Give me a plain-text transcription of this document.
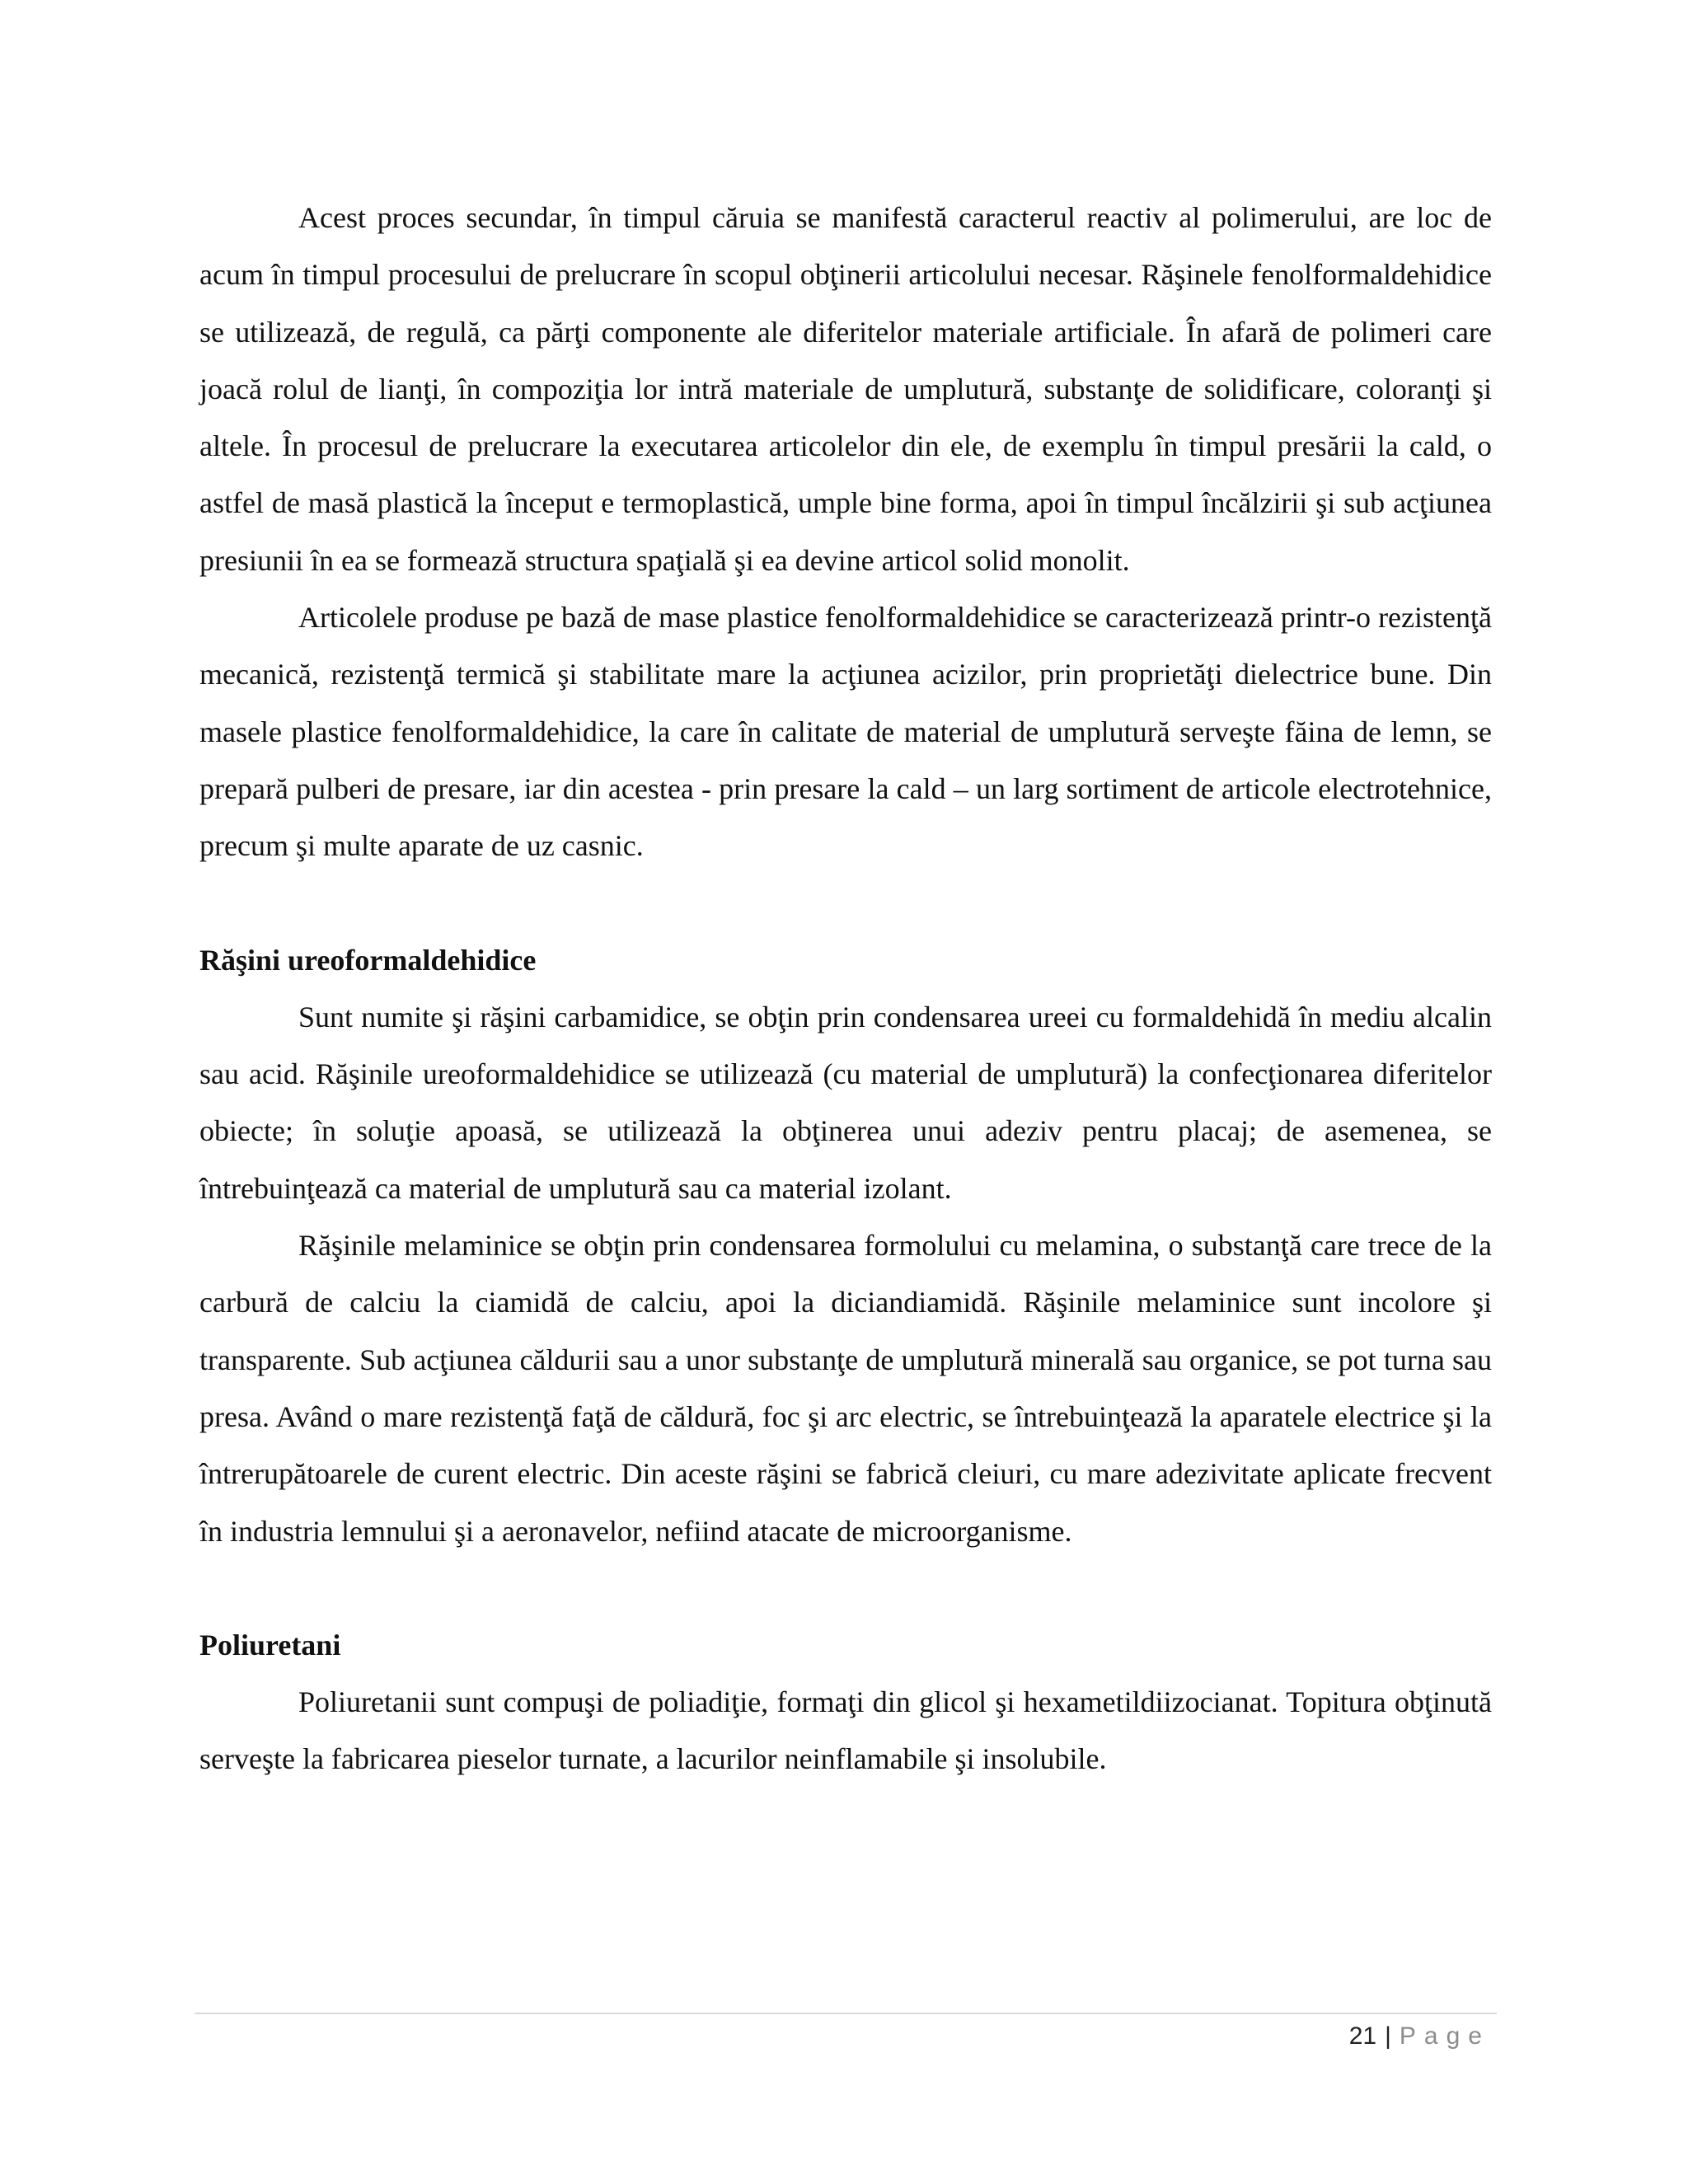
Acest proces secundar, în timpul căruia se manifestă caracterul reactiv al polimerului, are loc de acum în timpul procesului de prelucrare în scopul obţinerii articolului necesar. Răşinele fenolformaldehidice se utilizează, de regulă, ca părţi componente ale diferitelor materiale artificiale. În afară de polimeri care joacă rolul de lianţi, în compoziţia lor intră materiale de umplutură, substanţe de solidificare, coloranţi şi altele. În procesul de prelucrare la executarea articolelor din ele, de exemplu în timpul presării la cald, o astfel de masă plastică la început e termoplastică, umple bine forma, apoi în timpul încălzirii şi sub acţiunea presiunii în ea se formează structura spaţială şi ea devine articol solid monolit.

Articolele produse pe bază de mase plastice fenolformaldehidice se caracterizează printr-o rezistenţă mecanică, rezistenţă termică şi stabilitate mare la acţiunea acizilor, prin proprietăţi dielectrice bune. Din masele plastice fenolformaldehidice, la care în calitate de material de umplutură serveşte făina de lemn, se prepară pulberi de presare, iar din acestea - prin presare la cald – un larg sortiment de articole electrotehnice, precum şi multe aparate de uz casnic.

Răşini ureoformaldehidice

Sunt numite şi răşini carbamidice, se obţin prin condensarea ureei cu formaldehidă în mediu alcalin sau acid. Răşinile ureoformaldehidice se utilizează (cu material de umplutură) la confecţionarea diferitelor obiecte; în soluţie apoasă, se utilizează la obţinerea unui adeziv pentru placaj; de asemenea, se întrebuinţează ca material de umplutură sau ca material izolant.

Răşinile melaminice se obţin prin condensarea formolului cu melamina, o substanţă care trece de la carbură de calciu la ciamidă de calciu, apoi la diciandiamidă. Răşinile melaminice sunt incolore şi transparente. Sub acţiunea căldurii sau a unor substanţe de umplutură minerală sau organice, se pot turna sau presa. Având o mare rezistenţă faţă de căldură, foc şi arc electric, se întrebuinţează la aparatele electrice şi la întrerupătoarele de curent electric. Din aceste răşini se fabrică cleiuri, cu mare adezivitate aplicate frecvent în industria lemnului şi a aeronavelor, nefiind atacate de microorganisme.

Poliuretani

Poliuretanii sunt compuşi de poliadiţie, formaţi din glicol şi hexametildiizocianat. Topitura obţinută serveşte la fabricarea pieselor turnate, a lacurilor neinflamabile şi insolubile.

21 | Page
